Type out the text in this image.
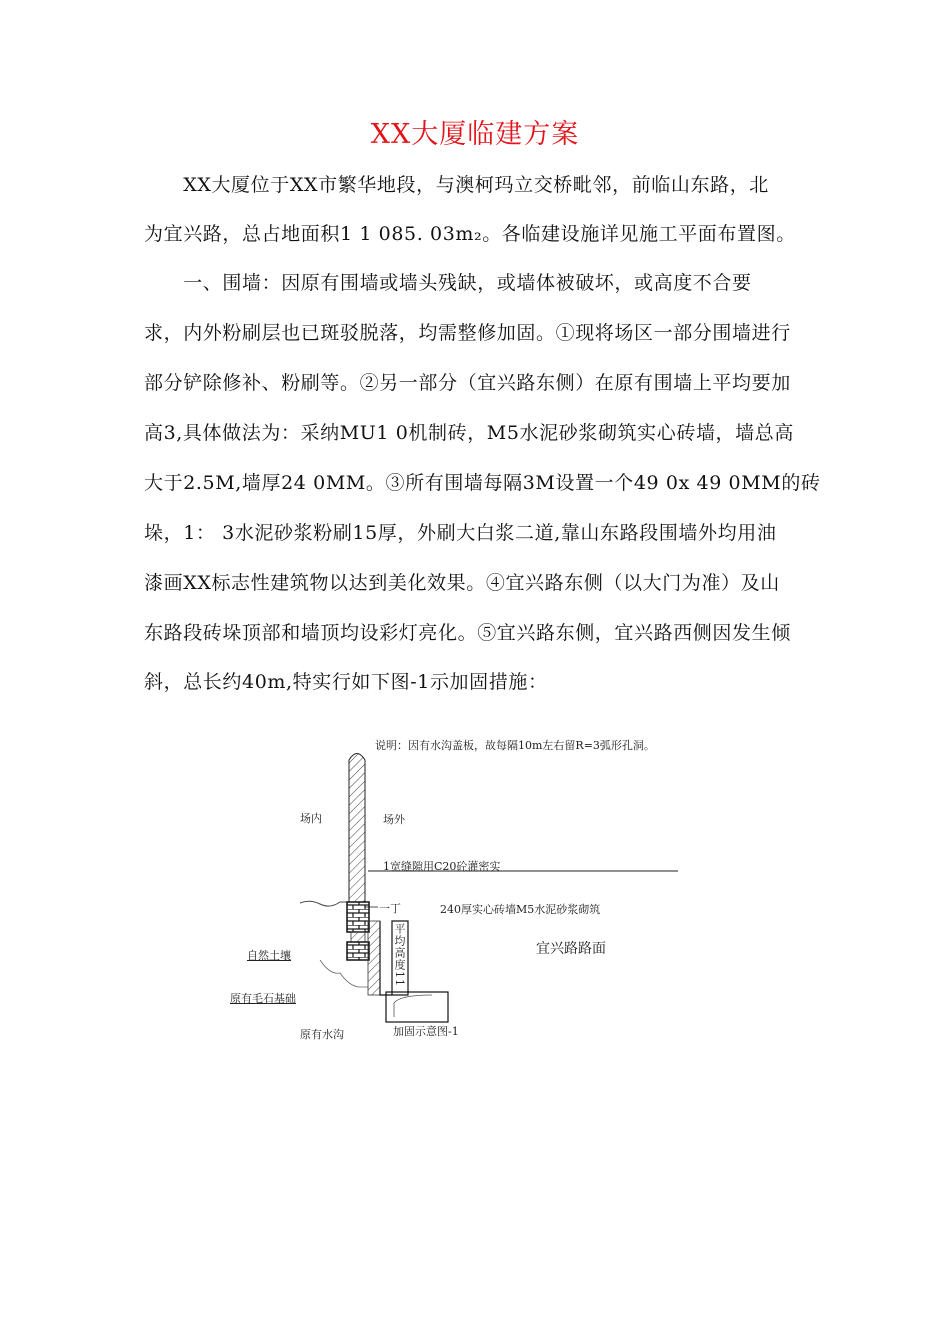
XX大厦临建方案
　　XX大厦位于XX市繁华地段，与澳柯玛立交桥毗邻，前临山东路，北
为宜兴路，总占地面积1 1 085. 03m₂。各临建设施详见施工平面布置图。
　　一、围墙：因原有围墙或墙头残缺，或墙体被破坏，或高度不合要
求，内外粉刷层也已斑驳脱落，均需整修加固。①现将场区一部分围墙进行
部分铲除修补、粉刷等。②另一部分（宜兴路东侧）在原有围墙上平均要加
高3,具体做法为：采纳MU1 0机制砖，M5水泥砂浆砌筑实心砖墙，墙总高
大于2.5M,墙厚24 0MM。③所有围墙每隔3M设置一个49 0x 49 0MM的砖
垛，1： 3水泥砂浆粉刷15厚，外刷大白浆二道,靠山东路段围墙外均用油
漆画XX标志性建筑物以达到美化效果。④宜兴路东侧（以大门为准）及山
东路段砖垛顶部和墙顶均设彩灯亮化。⑤宜兴路东侧，宜兴路西侧因发生倾
斜，总长约40m,特实行如下图-1示加固措施：
说明：因有水沟盖板，故每隔10m左右留R=3弧形孔洞。
场内	场外
1宽缝隙用C20砼灌密实
一丁	240厚实心砖墙M5水泥砂浆砌筑
平均高度11	宜兴路路面
自然土壤
原有毛石基础
原有水沟	加固示意图-1
